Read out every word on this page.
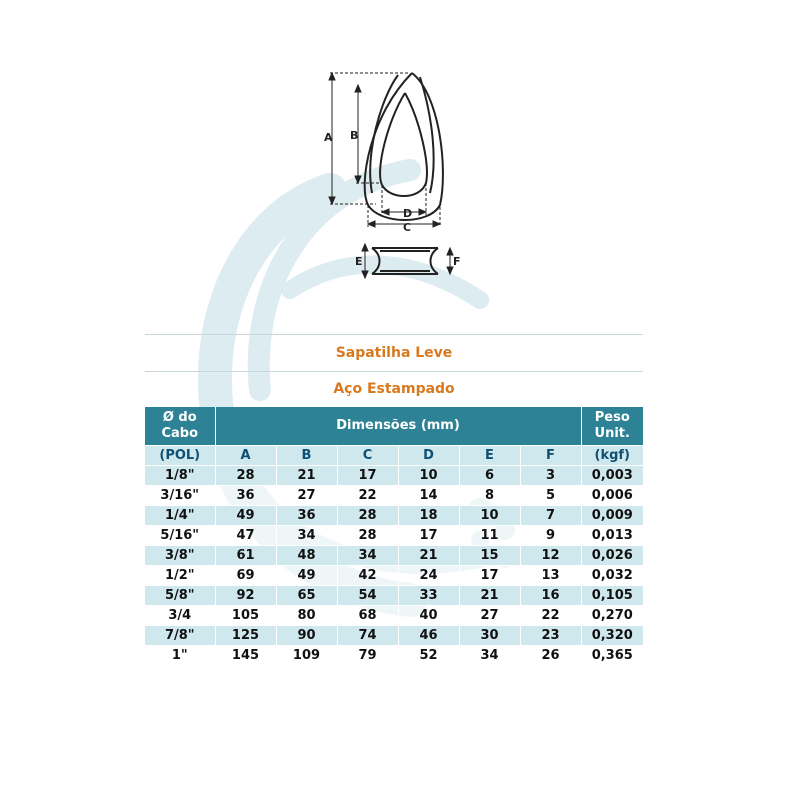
A B
C
D
E	F
Sapatilha Leve
Aço Estampado
Ø do
Cabo	Dimensões (mm)						Peso
Unit.
(POL)	A	B	C	D	E	F	(kgf)
1/8"	28	21	17	10	6	3	0,003
3/16"	36	27	22	14	8	5	0,006
1/4"	49	36	28	18	10	7	0,009
5/16"	47	34	28	17	11	9	0,013
3/8"	61	48	34	21	15	12	0,026
1/2"	69	49	42	24	17	13	0,032
5/8"	92	65	54	33	21	16	0,105
3/4	105	80	68	40	27	22	0,270
7/8"	125	90	74	46	30	23	0,320
1"	145	109	79	52	34	26	0,365
